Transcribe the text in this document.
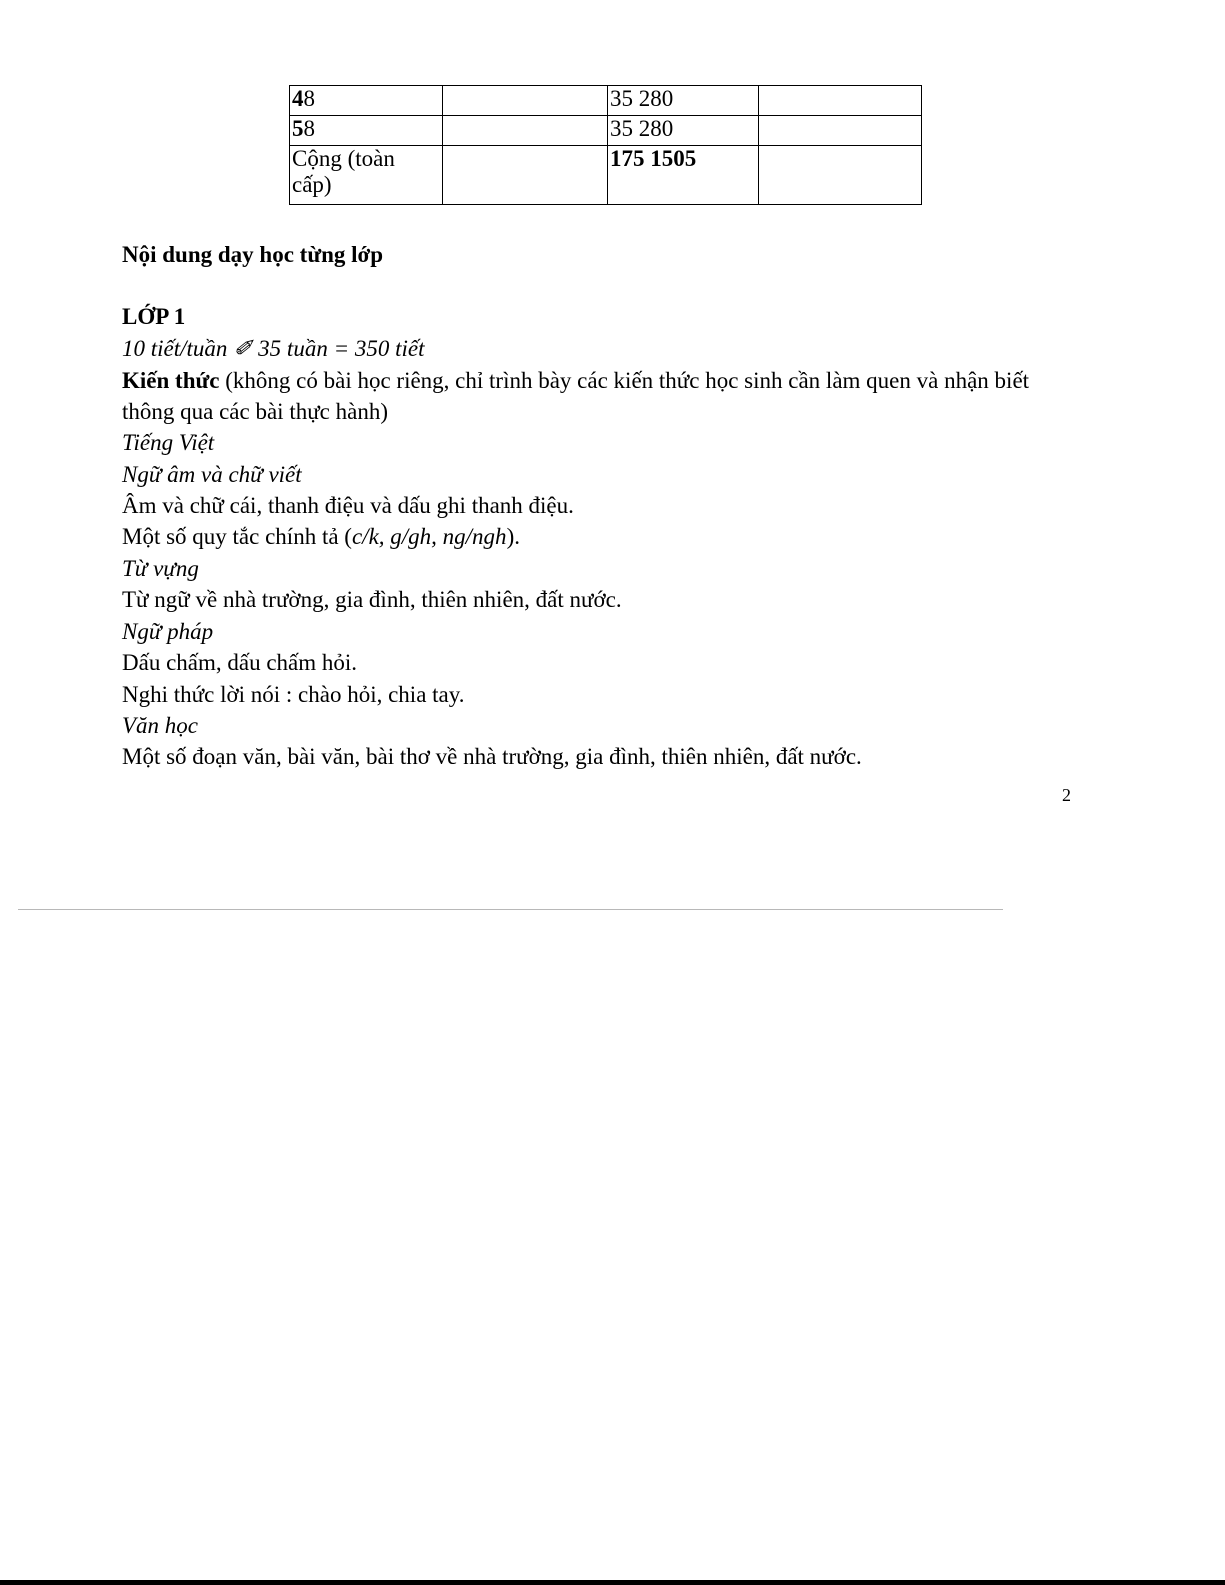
48		35 280	
58		35 280	
Cộng (toàn
cấp)		175 1505	
Nội dung dạy học từng lớp
LỚP 1
10 tiết/tuần ✐ 35 tuần = 350 tiết
Kiến thức (không có bài học riêng, chỉ trình bày các kiến thức học sinh cần làm quen và nhận biết
thông qua các bài thực hành)
Tiếng Việt
Ngữ âm và chữ viết
Âm và chữ cái, thanh điệu và dấu ghi thanh điệu.
Một số quy tắc chính tả (c/k, g/gh, ng/ngh).
Từ vựng
Từ ngữ về nhà trường, gia đình, thiên nhiên, đất nước.
Ngữ pháp
Dấu chấm, dấu chấm hỏi.
Nghi thức lời nói : chào hỏi, chia tay.
Văn học
Một số đoạn văn, bài văn, bài thơ về nhà trường, gia đình, thiên nhiên, đất nước.
2
